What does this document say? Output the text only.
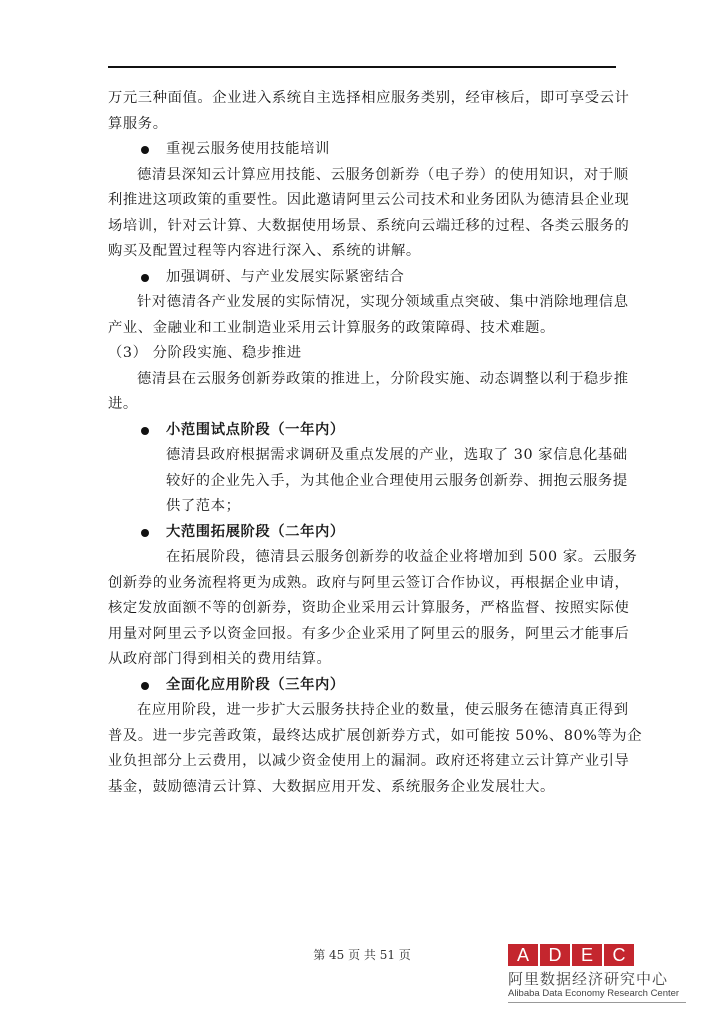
万元三种面值。企业进入系统自主选择相应服务类别，经审核后，即可享受云计
算服务。
重视云服务使用技能培训
德清县深知云计算应用技能、云服务创新券（电子券）的使用知识，对于顺
利推进这项政策的重要性。因此邀请阿里云公司技术和业务团队为德清县企业现
场培训，针对云计算、大数据使用场景、系统向云端迁移的过程、各类云服务的
购买及配置过程等内容进行深入、系统的讲解。
加强调研、与产业发展实际紧密结合
针对德清各产业发展的实际情况，实现分领域重点突破、集中消除地理信息
产业、金融业和工业制造业采用云计算服务的政策障碍、技术难题。
（3） 分阶段实施、稳步推进
德清县在云服务创新券政策的推进上，分阶段实施、动态调整以利于稳步推
进。
小范围试点阶段（一年内）
德清县政府根据需求调研及重点发展的产业，选取了 30 家信息化基础
较好的企业先入手，为其他企业合理使用云服务创新券、拥抱云服务提
供了范本；
大范围拓展阶段（二年内）
在拓展阶段，德清县云服务创新券的收益企业将增加到 500 家。云服务
创新券的业务流程将更为成熟。政府与阿里云签订合作协议，再根据企业申请，
核定发放面额不等的创新券，资助企业采用云计算服务，严格监督、按照实际使
用量对阿里云予以资金回报。有多少企业采用了阿里云的服务，阿里云才能事后
从政府部门得到相关的费用结算。
全面化应用阶段（三年内）
在应用阶段，进一步扩大云服务扶持企业的数量，使云服务在德清真正得到
普及。进一步完善政策，最终达成扩展创新券方式，如可能按 50%、80%等为企
业负担部分上云费用，以减少资金使用上的漏洞。政府还将建立云计算产业引导
基金，鼓励德清云计算、大数据应用开发、系统服务企业发展壮大。
第 45 页 共 51 页	A	D	E	C
阿里数据经济研究中心
Alibaba Data Economy Research Center
